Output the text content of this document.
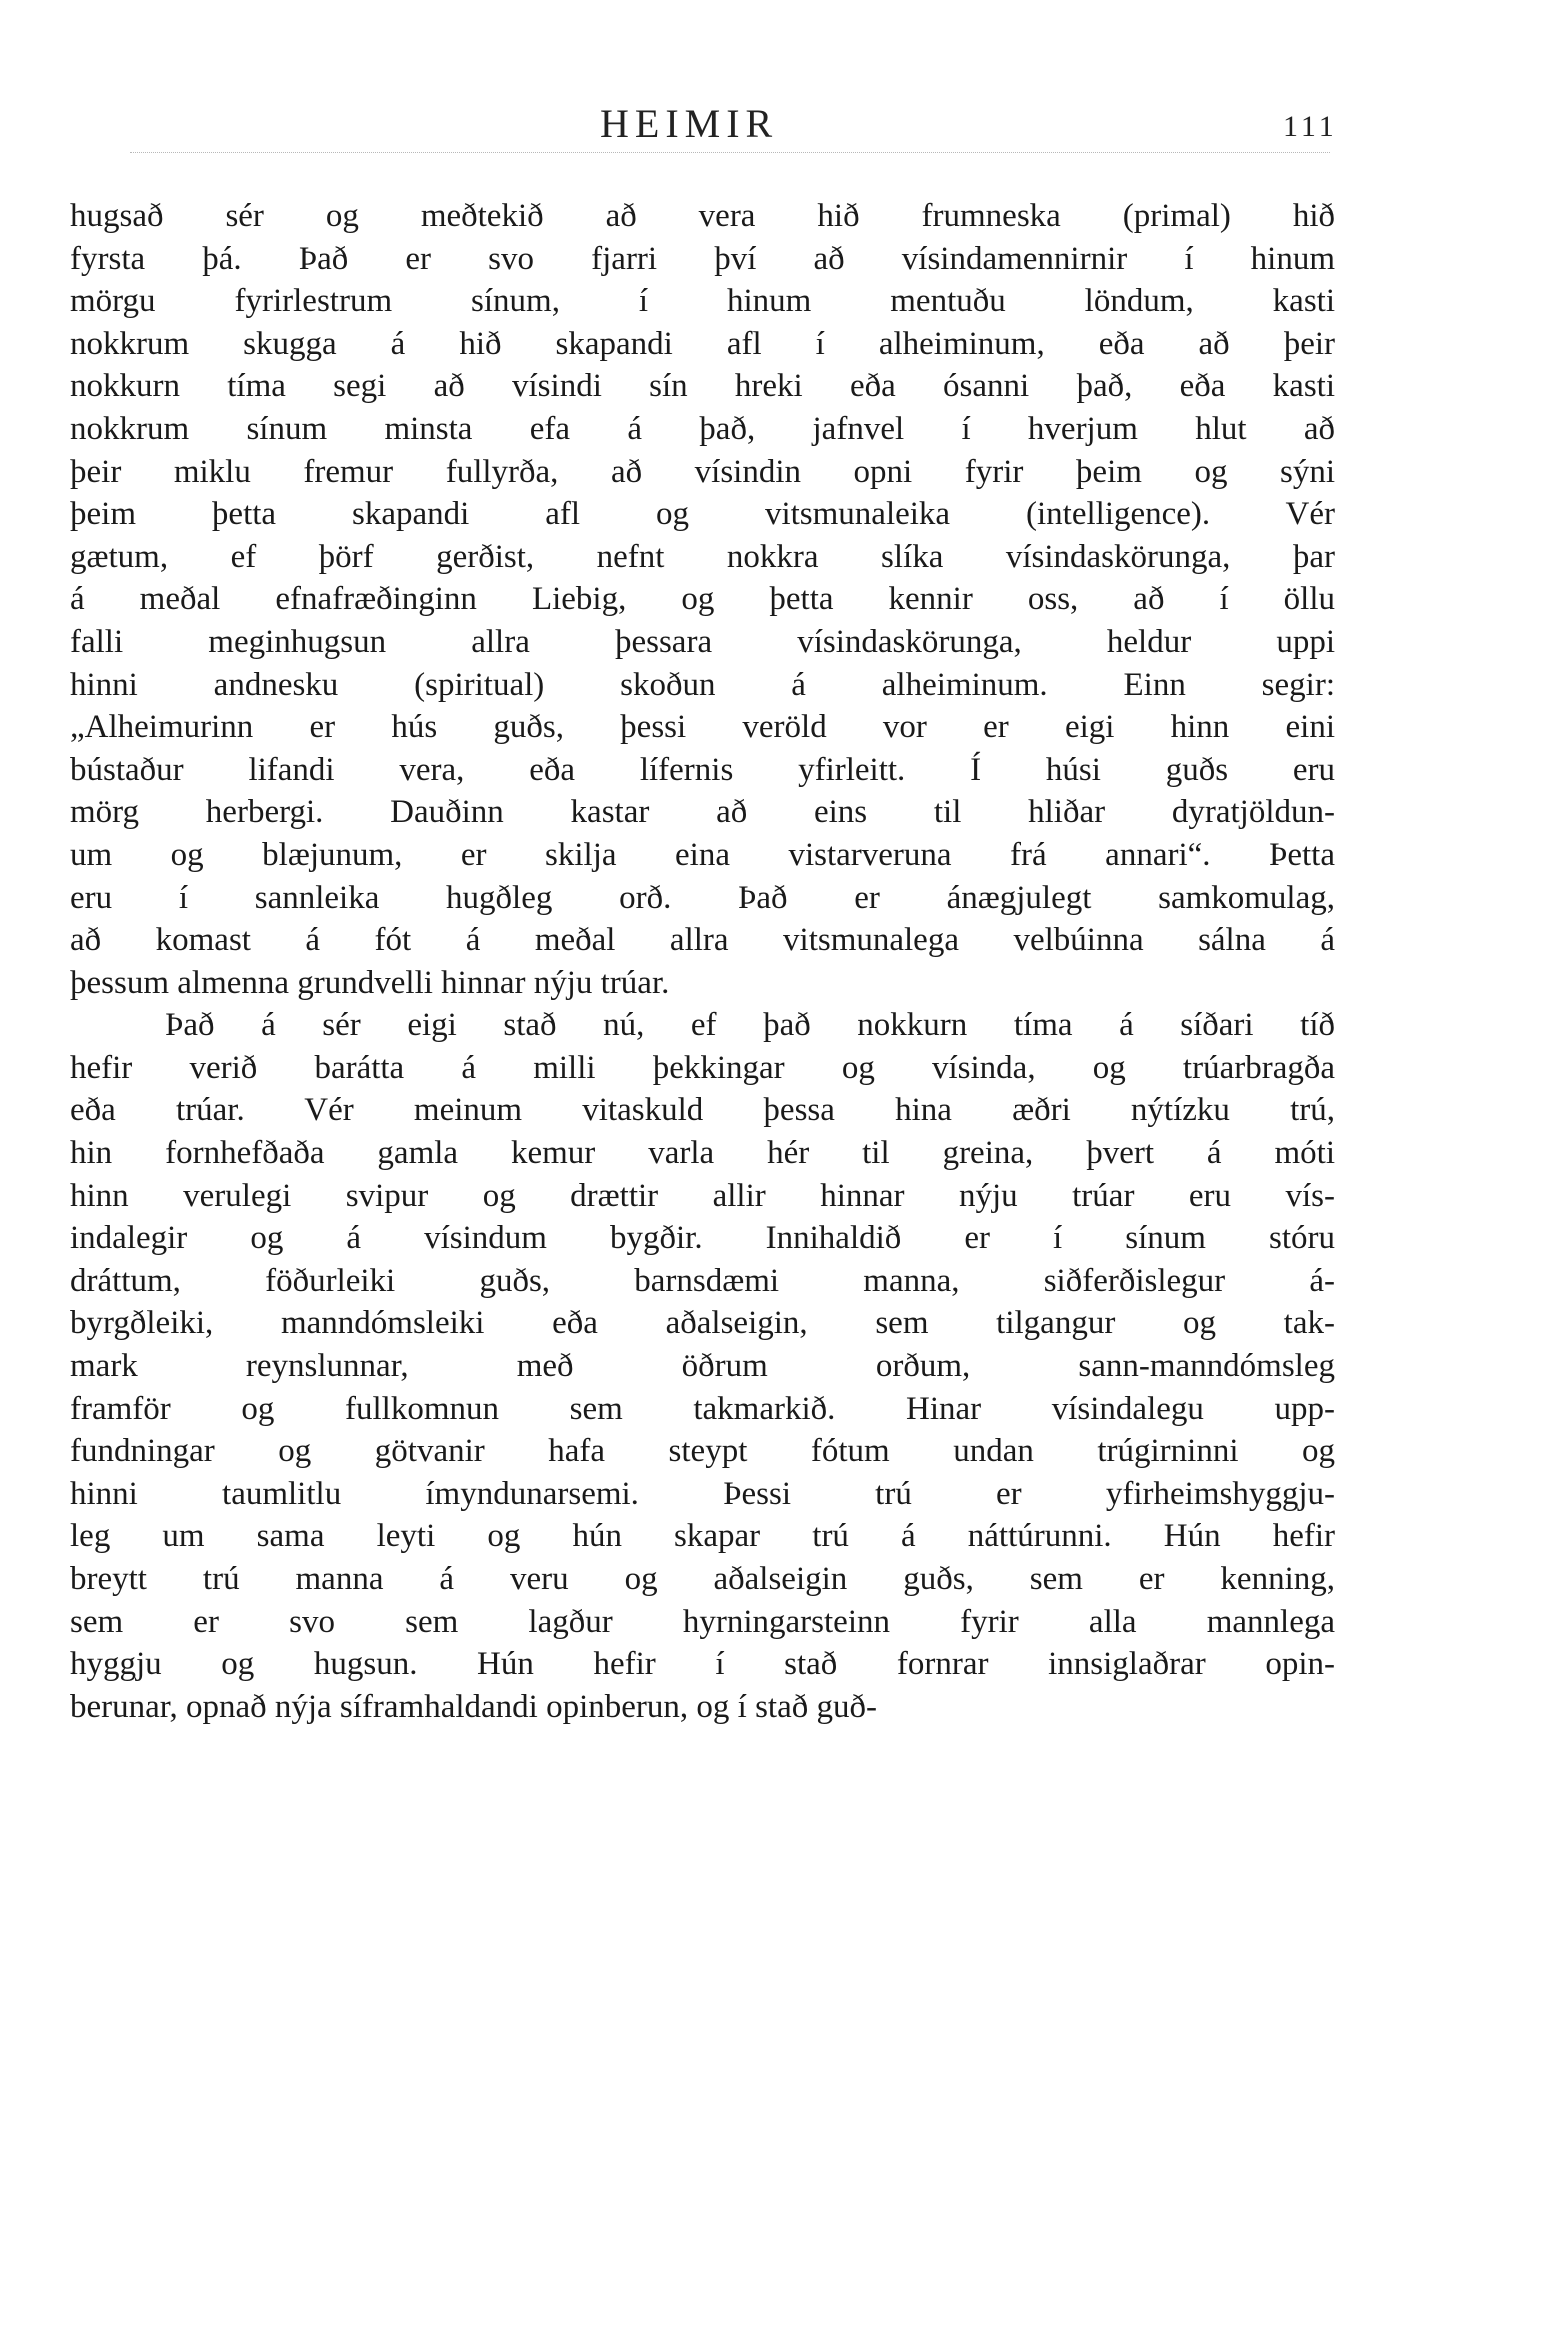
HEIMIR	111
hugsað sér og meðtekið að vera hið frumneska (primal) hið
fyrsta þá. Það er svo fjarri því að vísindamennirnir í hinum
mörgu fyrirlestrum sínum, í hinum mentuðu löndum, kasti
nokkrum skugga á hið skapandi afl í alheiminum, eða að þeir
nokkurn tíma segi að vísindi sín hreki eða ósanni það, eða kasti
nokkrum sínum minsta efa á það, jafnvel í hverjum hlut að
þeir miklu fremur fullyrða, að vísindin opni fyrir þeim og sýni
þeim þetta skapandi afl og vitsmunaleika (intelligence). Vér
gætum, ef þörf gerðist, nefnt nokkra slíka vísindaskörunga, þar
á meðal efnafræðinginn Liebig, og þetta kennir oss, að í öllu
falli meginhugsun allra þessara vísindaskörunga, heldur uppi
hinni andnesku (spiritual) skoðun á alheiminum. Einn segir:
„Alheimurinn er hús guðs, þessi veröld vor er eigi hinn eini
bústaður lifandi vera, eða lífernis yfirleitt. Í húsi guðs eru
mörg herbergi. Dauðinn kastar að eins til hliðar dyratjöldun-
um og blæjunum, er skilja eina vistarveruna frá annari“. Þetta
eru í sannleika hugðleg orð. Það er ánægjulegt samkomulag,
að komast á fót á meðal allra vitsmunalega velbúinna sálna á
þessum almenna grundvelli hinnar nýju trúar.
Það á sér eigi stað nú, ef það nokkurn tíma á síðari tíð
hefir verið barátta á milli þekkingar og vísinda, og trúarbragða
eða trúar. Vér meinum vitaskuld þessa hina æðri nýtízku trú,
hin fornhefðaða gamla kemur varla hér til greina, þvert á móti
hinn verulegi svipur og drættir allir hinnar nýju trúar eru vís-
indalegir og á vísindum bygðir. Innihaldið er í sínum stóru
dráttum, föðurleiki guðs, barnsdæmi manna, siðferðislegur á-
byrgðleiki, manndómsleiki eða aðalseigin, sem tilgangur og tak-
mark reynslunnar, með öðrum orðum, sann-manndómsleg
framför og fullkomnun sem takmarkið. Hinar vísindalegu upp-
fundningar og götvanir hafa steypt fótum undan trúgirninni og
hinni taumlitlu ímyndunarsemi. Þessi trú er yfirheimshyggju-
leg um sama leyti og hún skapar trú á náttúrunni. Hún hefir
breytt trú manna á veru og aðalseigin guðs, sem er kenning,
sem er svo sem lagður hyrningarsteinn fyrir alla mannlega
hyggju og hugsun. Hún hefir í stað fornrar innsiglaðrar opin-
berunar, opnað nýja síframhaldandi opinberun, og í stað guð-
